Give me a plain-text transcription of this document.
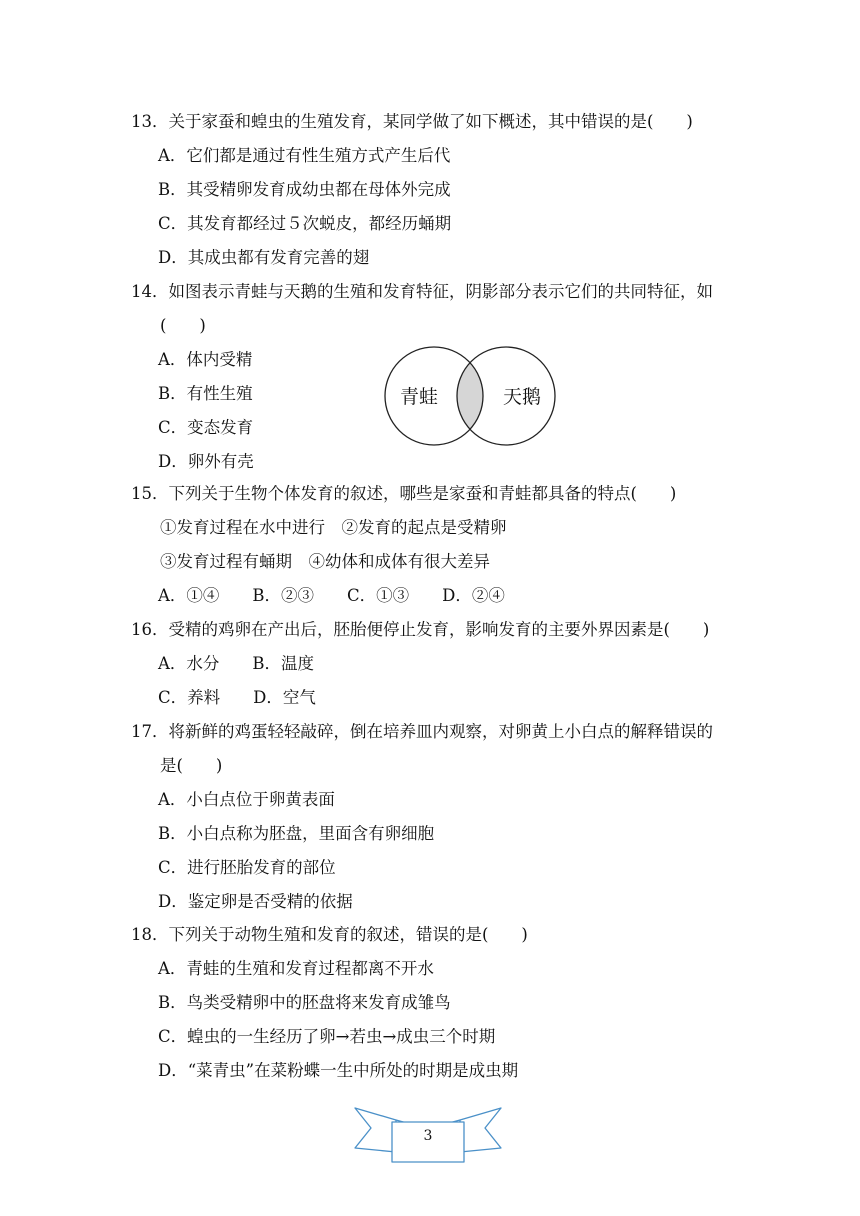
13．关于家蚕和蝗虫的生殖发育，某同学做了如下概述，其中错误的是(　　)
A．它们都是通过有性生殖方式产生后代
B．其受精卵发育成幼虫都在母体外完成
C．其发育都经过５次蜕皮，都经历蛹期
D．其成虫都有发育完善的翅
14．如图表示青蛙与天鹅的生殖和发育特征，阴影部分表示它们的共同特征，如
(　　)
A．体内受精
B．有性生殖
C．变态发育
D．卵外有壳
青蛙	天鹅
15．下列关于生物个体发育的叙述，哪些是家蚕和青蛙都具备的特点(　　)
①发育过程在水中进行　②发育的起点是受精卵
③发育过程有蛹期　④幼体和成体有很大差异
A．①④　　B．②③　　C．①③　　D．②④
16．受精的鸡卵在产出后，胚胎便停止发育，影响发育的主要外界因素是(　　)
A．水分　　B．温度
C．养料　　D．空气
17．将新鲜的鸡蛋轻轻敲碎，倒在培养皿内观察，对卵黄上小白点的解释错误的
是(　　)
A．小白点位于卵黄表面
B．小白点称为胚盘，里面含有卵细胞
C．进行胚胎发育的部位
D．鉴定卵是否受精的依据
18．下列关于动物生殖和发育的叙述，错误的是(　　)
A．青蛙的生殖和发育过程都离不开水
B．鸟类受精卵中的胚盘将来发育成雏鸟
C．蝗虫的一生经历了卵→若虫→成虫三个时期
D．“菜青虫”在菜粉蝶一生中所处的时期是成虫期
3
